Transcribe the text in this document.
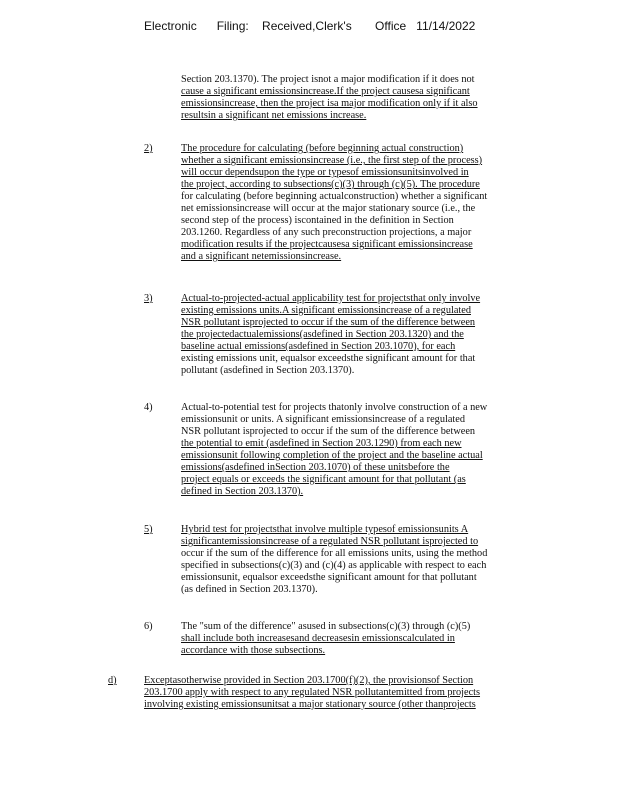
Electronic      Filing:    Received,Clerk's       Office   11/14/2022
Section 203.1370). The project isnot a major modification if it does not
cause a significant emissionsincrease.If the project causesa significant
emissionsincrease, then the project isa major modification only if it also
resultsin a significant net emissions increase.
2)	The procedure for calculating (before beginning actual construction)
whether a significant emissionsincrease (i.e., the first step of the process)
will occur dependsupon the type or typesof emissionsunitsinvolved in
the project, according to subsections(c)(3) through (c)(5). The procedure
for calculating (before beginning actualconstruction) whether a significant
net emissionsincrease will occur at the major stationary source (i.e., the
second step of the process) iscontained in the definition in Section
203.1260. Regardless of any such preconstruction projections, a major
modification results if the projectcausesa significant emissionsincrease
and a significant netemissionsincrease.
3)	Actual-to-projected-actual applicability test for projectsthat only involve
existing emissions units.A significant emissionsincrease of a regulated
NSR pollutant isprojected to occur if the sum of the difference between
the projectedactualemissions(asdefined in Section 203.1320) and the
baseline actual emissions(asdefined in Section 203.1070), for each
existing emissions unit, equalsor exceedsthe significant amount for that
pollutant (asdefined in Section 203.1370).
4)	Actual-to-potential test for projects thatonly involve construction of a new
emissionsunit or units. A significant emissionsincrease of a regulated
NSR pollutant isprojected to occur if the sum of the difference between
the potential to emit (asdefined in Section 203.1290) from each new
emissionsunit following completion of the project and the baseline actual
emissions(asdefined inSection 203.1070) of these unitsbefore the
project equals or exceeds the significant amount for that pollutant (as
defined in Section 203.1370).
5)	Hybrid test for projectsthat involve multiple typesof emissionsunits A
significantemissionsincrease of a regulated NSR pollutant isprojected to
occur if the sum of the difference for all emissions units, using the method
specified in subsections(c)(3) and (c)(4) as applicable with respect to each
emissionsunit, equalsor exceedsthe significant amount for that pollutant
(as defined in Section 203.1370).
6)	The "sum of the difference" asused in subsections(c)(3) through (c)(5)
shall include both increasesand decreasesin emissionscalculated in
accordance with those subsections.
d)	Exceptasotherwise provided in Section 203.1700(f)(2), the provisionsof Section
203.1700 apply with respect to any regulated NSR pollutantemitted from projects
involving existing emissionsunitsat a major stationary source (other thanprojects
